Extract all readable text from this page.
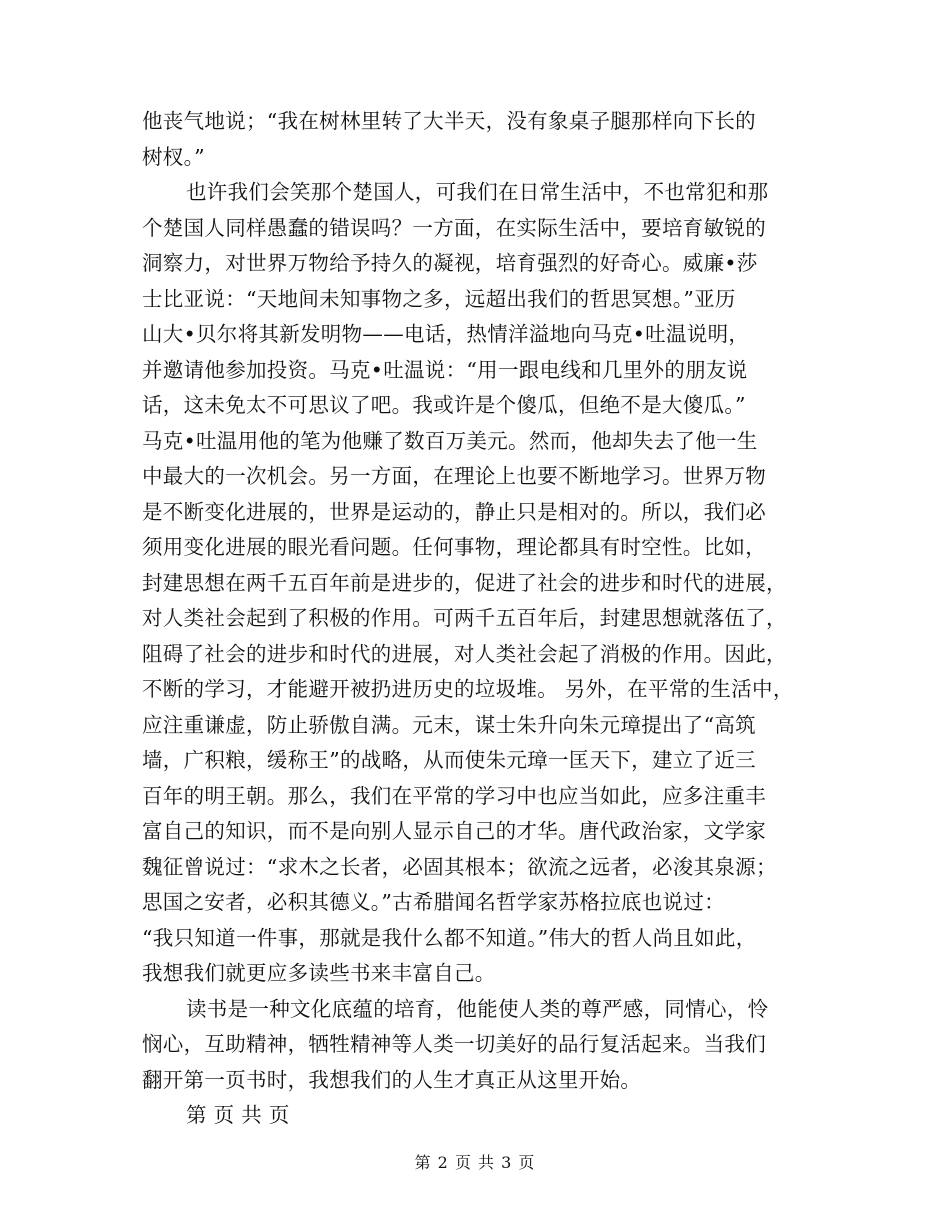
他丧气地说；“我在树林里转了大半天，没有象桌子腿那样向下长的
树杈。”
也许我们会笑那个楚国人，可我们在日常生活中，不也常犯和那
个楚国人同样愚蠢的错误吗？一方面，在实际生活中，要培育敏锐的
洞察力，对世界万物给予持久的凝视，培育强烈的好奇心。威廉•莎
士比亚说：“天地间未知事物之多，远超出我们的哲思冥想。”亚历
山大•贝尔将其新发明物——电话，热情洋溢地向马克•吐温说明，
并邀请他参加投资。马克•吐温说：“用一跟电线和几里外的朋友说
话，这未免太不可思议了吧。我或许是个傻瓜，但绝不是大傻瓜。”
马克•吐温用他的笔为他赚了数百万美元。然而，他却失去了他一生
中最大的一次机会。另一方面，在理论上也要不断地学习。世界万物
是不断变化进展的，世界是运动的，静止只是相对的。所以，我们必
须用变化进展的眼光看问题。任何事物，理论都具有时空性。比如，
封建思想在两千五百年前是进步的，促进了社会的进步和时代的进展，
对人类社会起到了积极的作用。可两千五百年后，封建思想就落伍了，
阻碍了社会的进步和时代的进展，对人类社会起了消极的作用。因此，
不断的学习，才能避开被扔进历史的垃圾堆。 另外，在平常的生活中，
应注重谦虚，防止骄傲自满。元末，谋士朱升向朱元璋提出了“高筑
墙，广积粮，缓称王”的战略，从而使朱元璋一匡天下，建立了近三
百年的明王朝。那么，我们在平常的学习中也应当如此，应多注重丰
富自己的知识，而不是向别人显示自己的才华。唐代政治家，文学家
魏征曾说过：“求木之长者，必固其根本；欲流之远者，必浚其泉源；
思国之安者，必积其德义。”古希腊闻名哲学家苏格拉底也说过：
“我只知道一件事，那就是我什么都不知道。”伟大的哲人尚且如此，
我想我们就更应多读些书来丰富自己。
读书是一种文化底蕴的培育，他能使人类的尊严感，同情心，怜
悯心，互助精神，牺牲精神等人类一切美好的品行复活起来。当我们
翻开第一页书时，我想我们的人生才真正从这里开始。
第 页 共 页
第 2 页 共 3 页
